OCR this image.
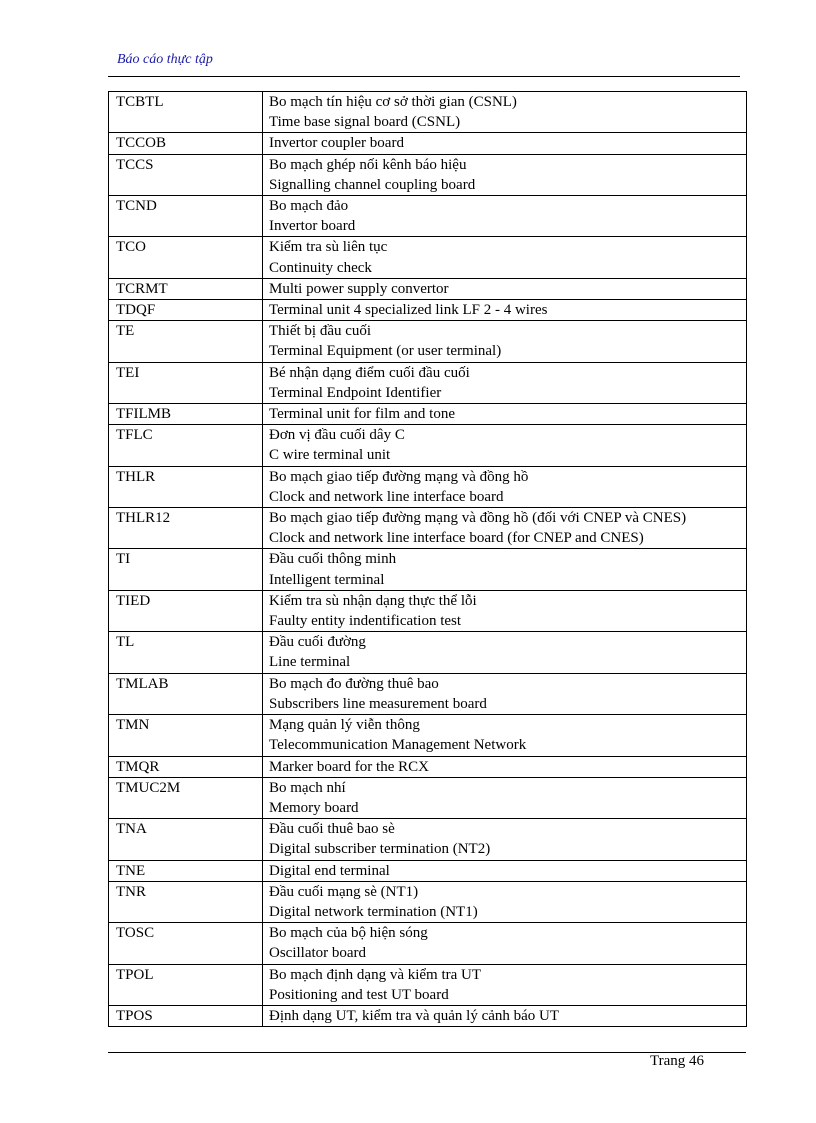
Báo cáo thực tập
TCBTL	Bo mạch tín hiệu cơ sở thời gian (CSNL)
Time base signal board (CSNL)

TCCOB	Invertor coupler board

TCCS	Bo mạch ghép nối kênh báo hiệu
Signalling channel coupling board

TCND	Bo mạch đảo
Invertor board

TCO	Kiểm tra sù liên tục
Continuity check

TCRMT	Multi power supply convertor

TDQF	Terminal unit 4 specialized link LF 2 - 4 wires

TE	Thiết bị đầu cuối
Terminal Equipment (or user terminal)

TEI	Bé nhận dạng điểm cuối đầu cuối
Terminal Endpoint Identifier

TFILMB	Terminal unit for film and tone

TFLC	Đơn vị đầu cuối dây C
C wire terminal unit

THLR	Bo mạch giao tiếp đường mạng và đồng hồ
Clock and network line interface board

THLR12	Bo mạch giao tiếp đường mạng và đồng hồ (đối với CNEP và CNES)
Clock and network line interface board (for CNEP and CNES)

TI	Đầu cuối thông minh
Intelligent terminal

TIED	Kiểm tra sù nhận dạng thực thể lỗi
Faulty entity indentification test

TL	Đầu cuối đường
Line terminal

TMLAB	Bo mạch đo đường thuê bao
Subscribers line measurement board

TMN	Mạng quản lý viễn thông
Telecommunication Management Network

TMQR	Marker board for the RCX

TMUC2M	Bo mạch nhí
Memory board

TNA	Đầu cuối thuê bao sè
Digital subscriber termination (NT2)

TNE	Digital end terminal

TNR	Đầu cuối mạng sè (NT1)
Digital network termination (NT1)

TOSC	Bo mạch của bộ hiện sóng
Oscillator board

TPOL	Bo mạch định dạng và kiểm tra UT
Positioning and test UT board

TPOS	Định dạng UT, kiểm tra và quản lý cảnh báo UT
Trang 46
